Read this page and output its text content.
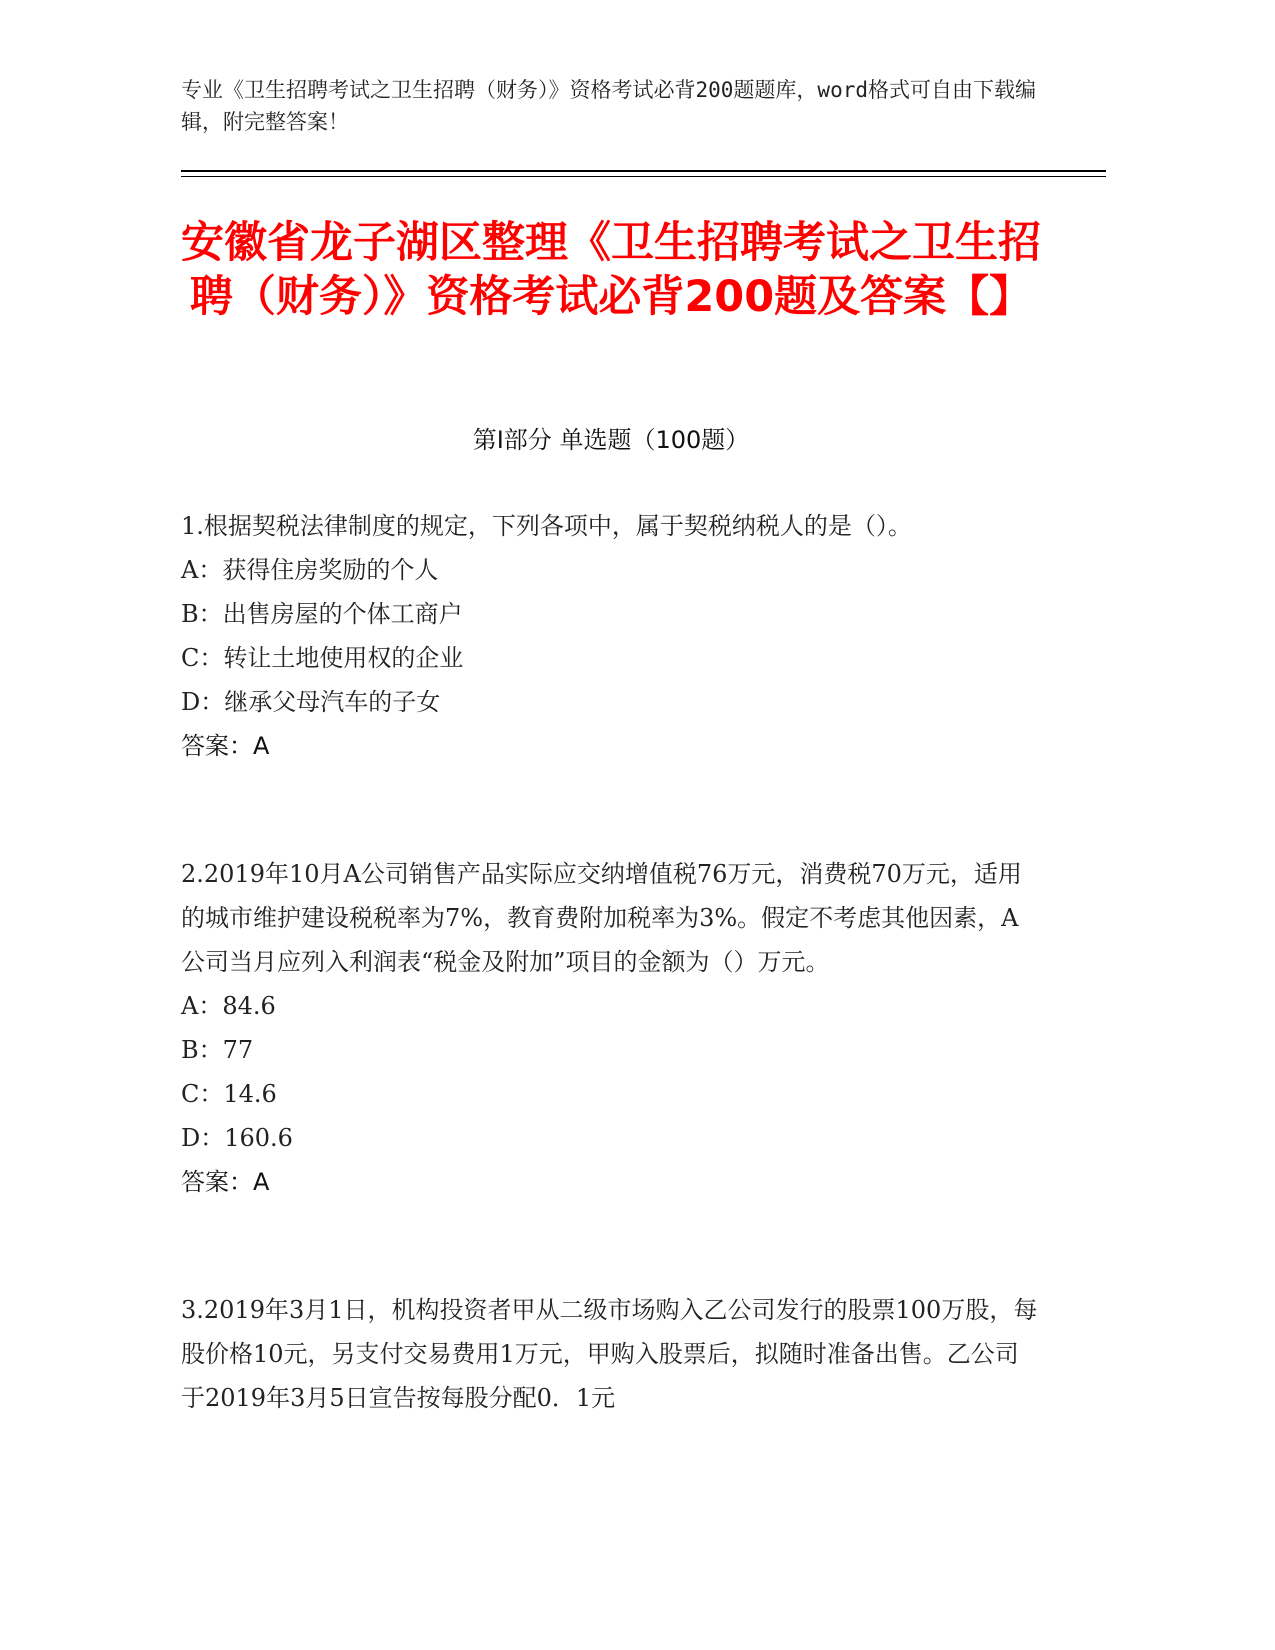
专业《卫生招聘考试之卫生招聘（财务）》资格考试必背200题题库，word格式可自由下载编辑，附完整答案！
安徽省龙子湖区整理《卫生招聘考试之卫生招聘（财务）》资格考试必背200题及答案【】
第Ⅰ部分 单选题（100题）
1.根据契税法律制度的规定，下列各项中，属于契税纳税人的是（）。
A：获得住房奖励的个人
B：出售房屋的个体工商户
C：转让土地使用权的企业
D：继承父母汽车的子女
答案：A
2.2019年10月A公司销售产品实际应交纳增值税76万元，消费税70万元，适用的城市维护建设税税率为7%，教育费附加税率为3%。假定不考虑其他因素，A公司当月应列入利润表“税金及附加”项目的金额为（）万元。
A：84.6
B：77
C：14.6
D：160.6
答案：A
3.2019年3月1日，机构投资者甲从二级市场购入乙公司发行的股票100万股，每股价格10元，另支付交易费用1万元，甲购入股票后，拟随时准备出售。乙公司于2019年3月5日宣告按每股分配0．1元
